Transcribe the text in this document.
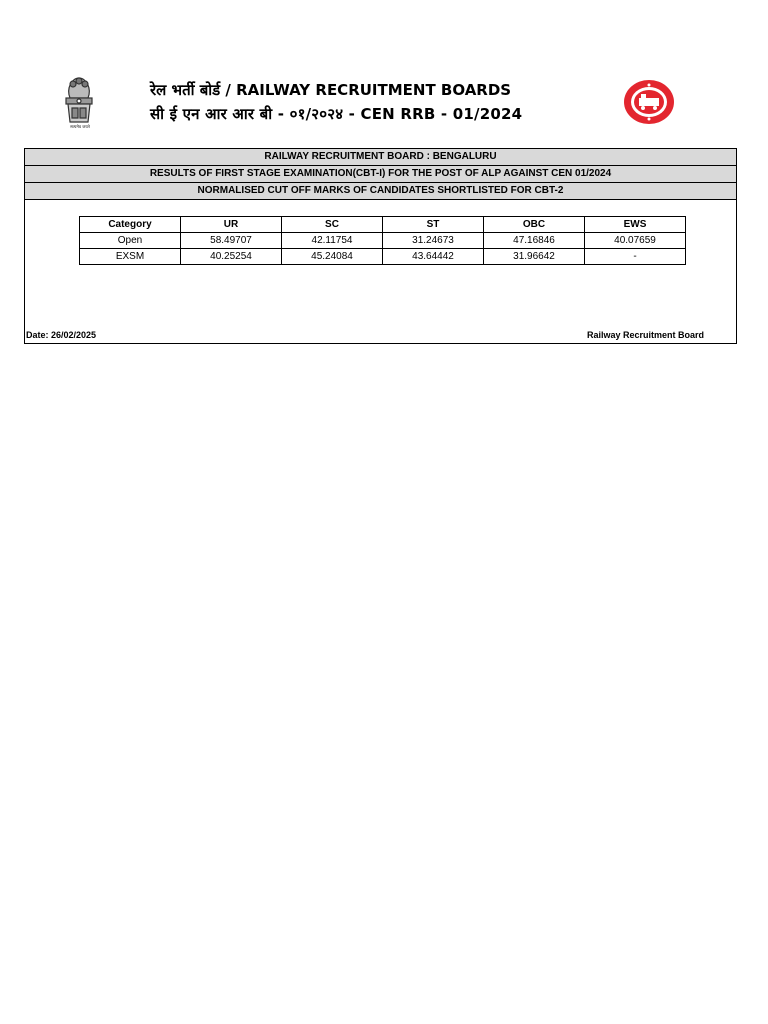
सत्यमेव जयते
रेल भर्ती बोर्ड / RAILWAY RECRUITMENT BOARDS
सी ई एन आर आर बी - ०१/२०२४ - CEN RRB - 01/2024
RAILWAY RECRUITMENT BOARD : BENGALURU
RESULTS OF FIRST STAGE EXAMINATION(CBT-I) FOR THE POST OF ALP AGAINST CEN 01/2024
NORMALISED CUT OFF MARKS OF CANDIDATES SHORTLISTED FOR CBT-2
Category	UR	SC	ST	OBC	EWS
Open	58.49707	42.11754	31.24673	47.16846	40.07659
EXSM	40.25254	45.24084	43.64442	31.96642	-
Date: 26/02/2025	Railway Recruitment Board
